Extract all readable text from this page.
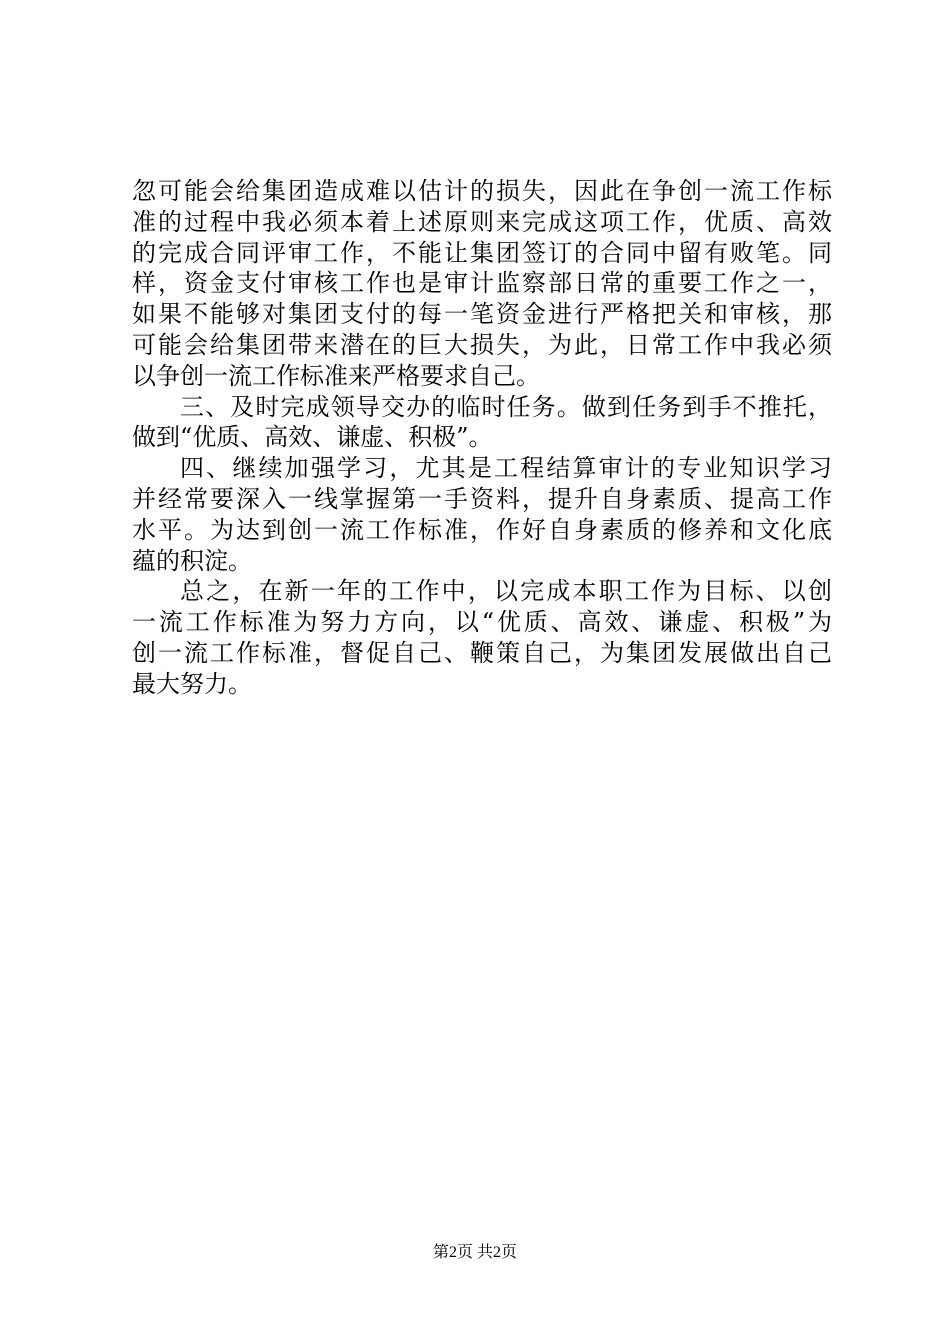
忽可能会给集团造成难以估计的损失，因此在争创一流工作标
准的过程中我必须本着上述原则来完成这项工作，优质、高效
的完成合同评审工作，不能让集团签订的合同中留有败笔。同
样，资金支付审核工作也是审计监察部日常的重要工作之一，
如果不能够对集团支付的每一笔资金进行严格把关和审核，那
可能会给集团带来潜在的巨大损失，为此，日常工作中我必须
以争创一流工作标准来严格要求自己。
三、及时完成领导交办的临时任务。做到任务到手不推托，
做到“优质、高效、谦虚、积极”。
四、继续加强学习，尤其是工程结算审计的专业知识学习
并经常要深入一线掌握第一手资料，提升自身素质、提高工作
水平。为达到创一流工作标准，作好自身素质的修养和文化底
蕴的积淀。
总之，在新一年的工作中，以完成本职工作为目标、以创
一流工作标准为努力方向，以“优质、高效、谦虚、积极”为
创一流工作标准，督促自己、鞭策自己，为集团发展做出自己
最大努力。
第2页 共2页
